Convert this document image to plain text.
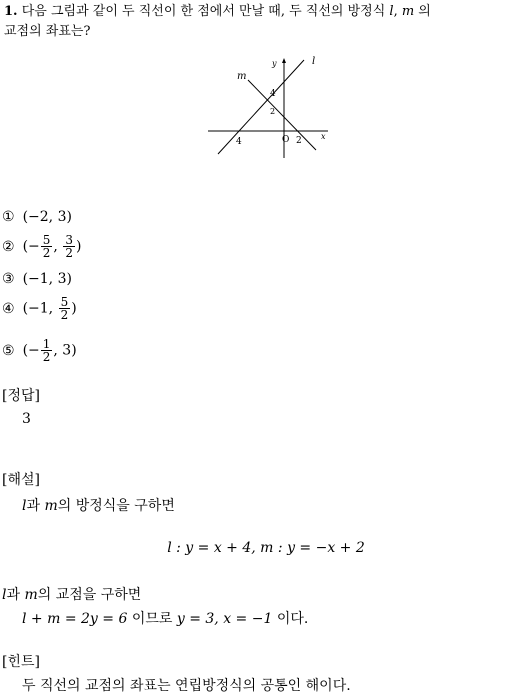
1. 다음 그림과 같이 두 직선이 한 점에서 만날 때, 두 직선의 방정식 l, m 의
교점의 좌표는?
y	l
m
x
4
2
4	O 2
① (−2, 3)
② (− $\frac{5}{2}$ , $\frac{3}{2}$ )
③ (−1, 3)
④ (−1, $\frac{5}{2}$ )
⑤ (− $\frac{1}{2}$ , 3)
[정답]
3
[해설]
l과 m의 방정식을 구하면
l : y = x + 4, m : y = −x + 2
l과 m의 교점을 구하면
l + m = 2y = 6 이므로 y = 3, x = −1 이다.
[힌트]
두 직선의 교점의 좌표는 연립방정식의 공통인 해이다.
